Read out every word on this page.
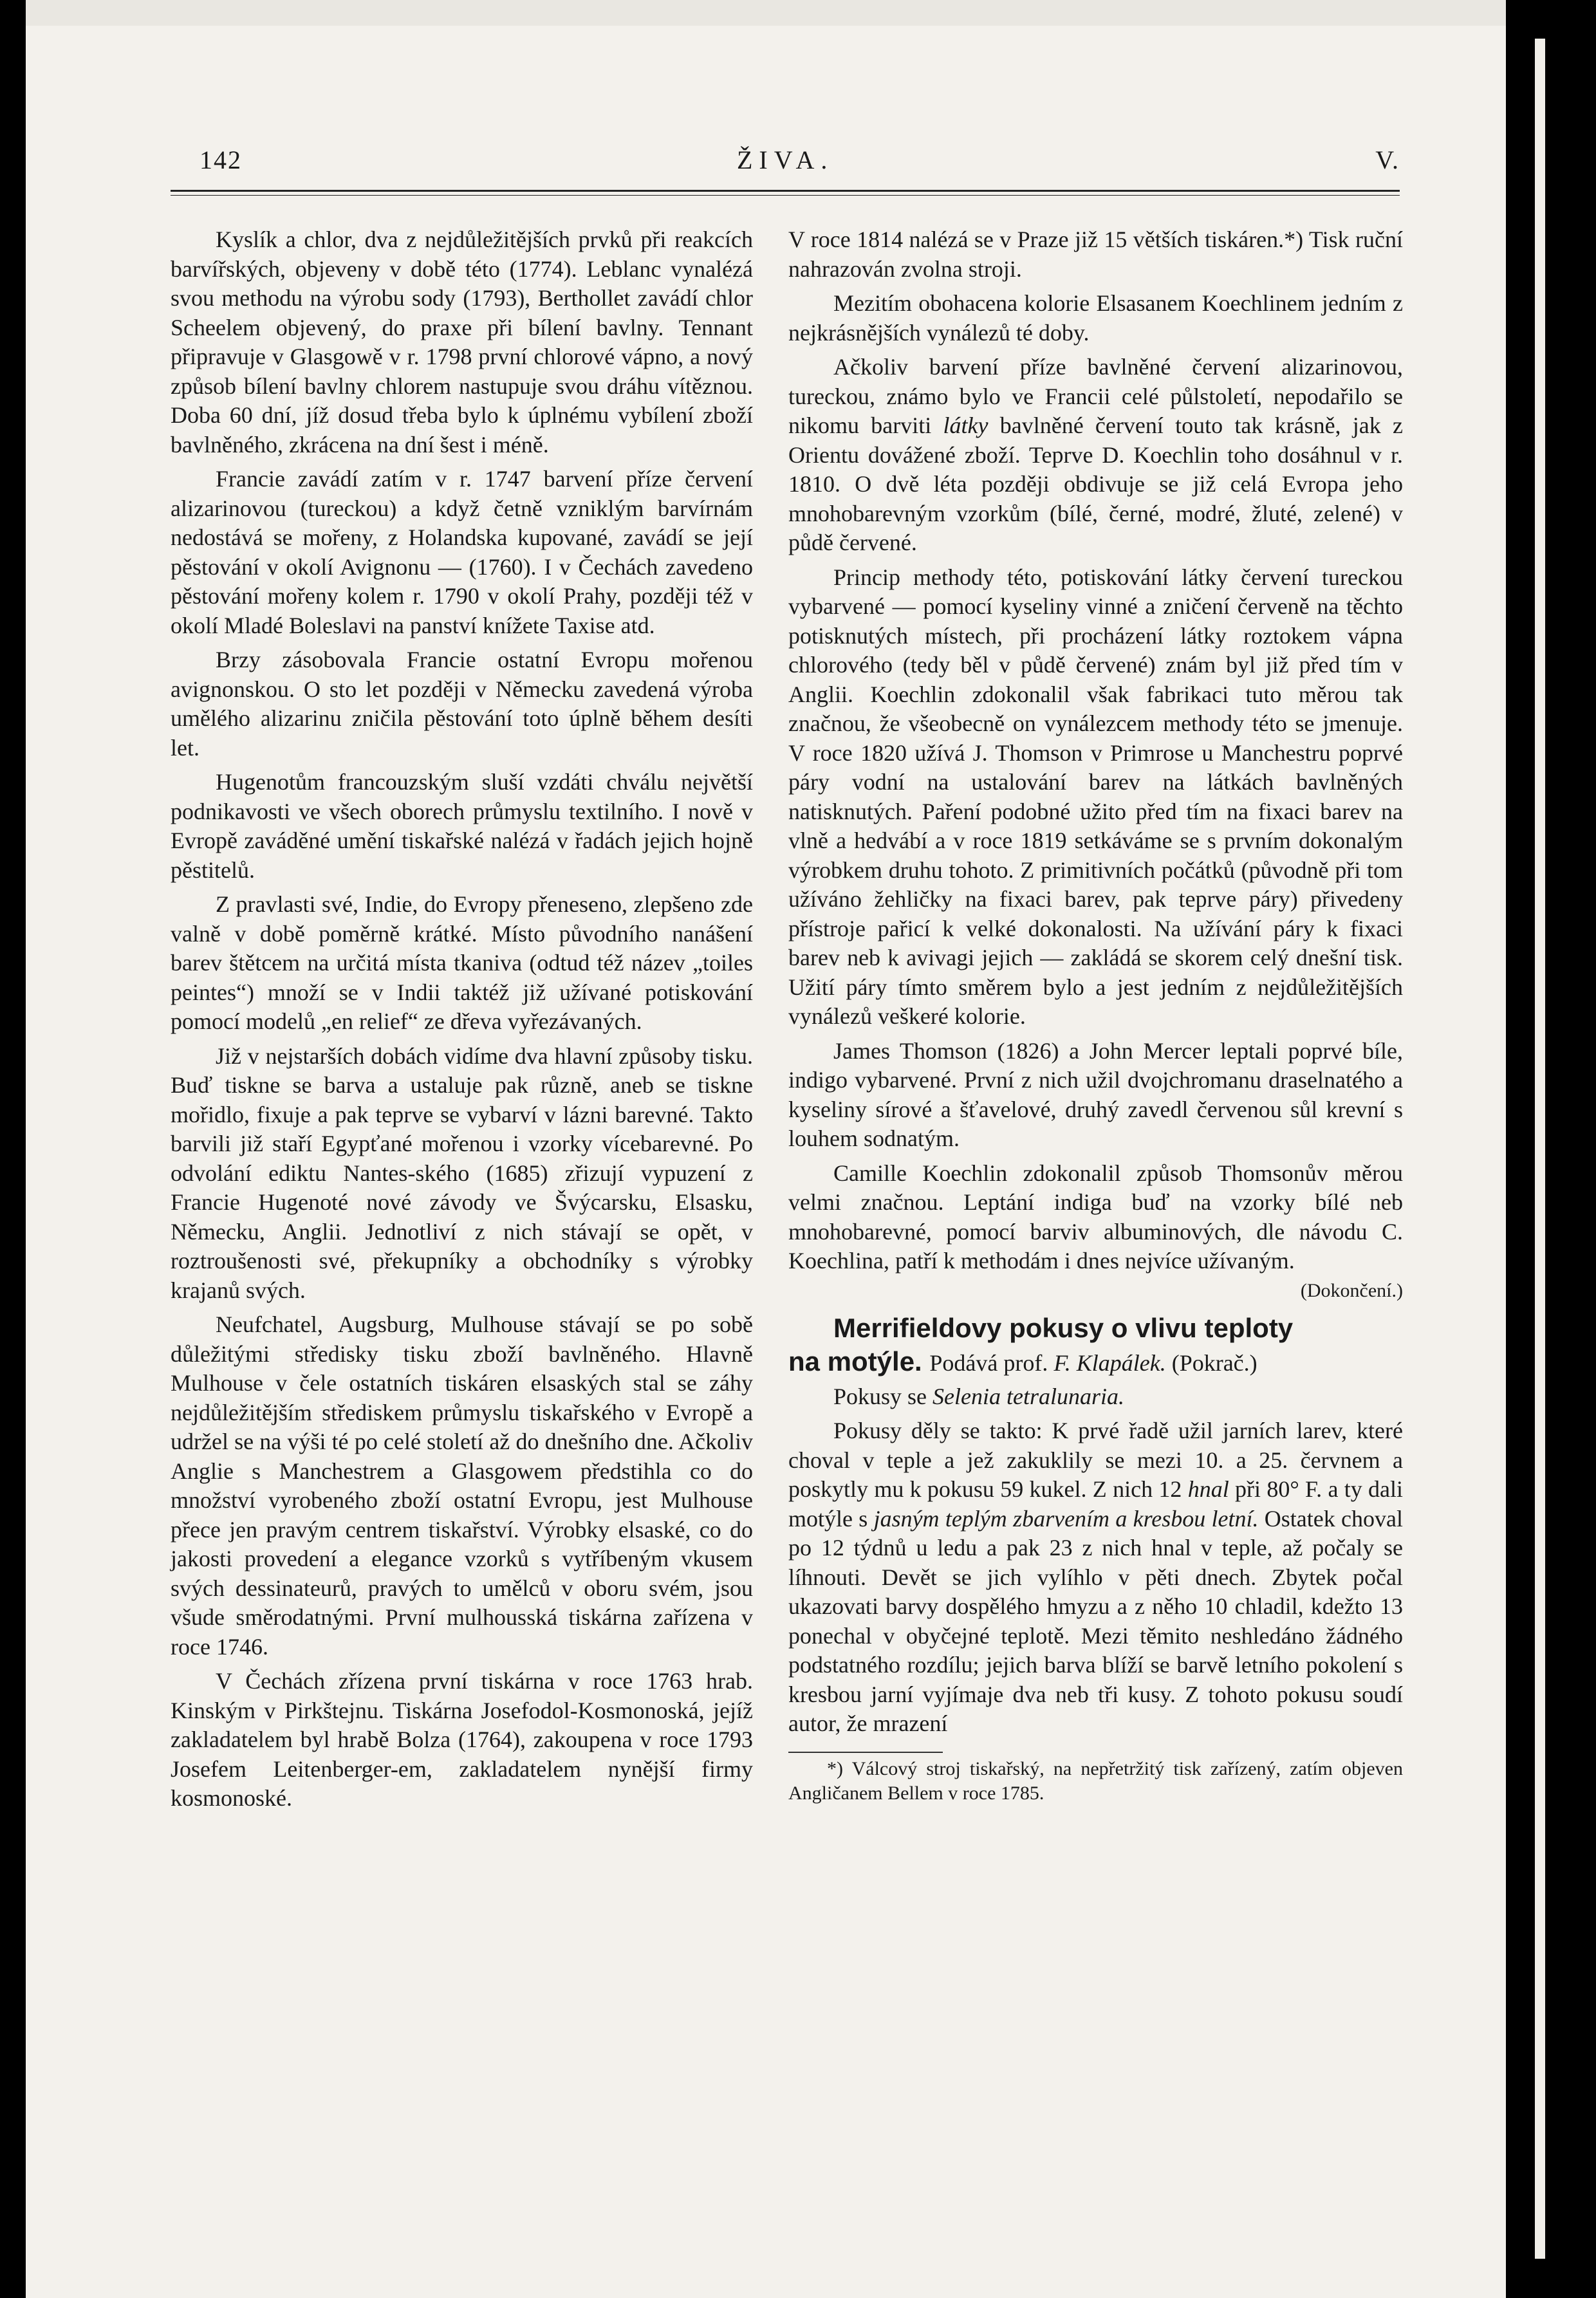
142	ŽIVA.	V.

Kyslík a chlor, dva z nejdůležitějších prvků při reakcích barvířských, objeveny v době této (1774). Leblanc vynalézá svou methodu na výrobu sody (1793), Berthollet zavádí chlor Scheelem objevený, do praxe při bílení bavlny. Tennant připravuje v Glasgowě v r. 1798 první chlorové vápno, a nový způsob bílení bavlny chlorem nastupuje svou dráhu vítěznou. Doba 60 dní, jíž dosud třeba bylo k úplnému vybílení zboží bavlněného, zkrácena na dní šest i méně.

Francie zavádí zatím v r. 1747 barvení příze červení alizarinovou (tureckou) a když četně vzniklým barvírnám nedostává se mořeny, z Holandska kupované, zavádí se její pěstování v okolí Avignonu — (1760). I v Čechách zavedeno pěstování mořeny kolem r. 1790 v okolí Prahy, později též v okolí Mladé Boleslavi na panství knížete Taxise atd.

Brzy zásobovala Francie ostatní Evropu mořenou avignonskou. O sto let později v Německu zavedená výroba umělého alizarinu zničila pěstování toto úplně během desíti let.

Hugenotům francouzským sluší vzdáti chválu největší podnikavosti ve všech oborech průmyslu textilního. I nově v Evropě zaváděné umění tiskařské nalézá v řadách jejich hojně pěstitelů.

Z pravlasti své, Indie, do Evropy přeneseno, zlepšeno zde valně v době poměrně krátké. Místo původního nanášení barev štětcem na určitá místa tkaniva (odtud též název „toiles peintes“) množí se v Indii taktéž již užívané potiskování pomocí modelů „en relief“ ze dřeva vyřezávaných.

Již v nejstarších dobách vidíme dva hlavní způsoby tisku. Buď tiskne se barva a ustaluje pak různě, aneb se tiskne mořidlo, fixuje a pak teprve se vybarví v lázni barevné. Takto barvili již staří Egypťané mořenou i vzorky vícebarevné. Po odvolání ediktu Nantes-ského (1685) zřizují vypuzení z Francie Hugenoté nové závody ve Švýcarsku, Elsasku, Německu, Anglii. Jednotliví z nich stávají se opět, v roztroušenosti své, překupníky a obchodníky s výrobky krajanů svých.

Neufchatel, Augsburg, Mulhouse stávají se po sobě důležitými středisky tisku zboží bavlněného. Hlavně Mulhouse v čele ostatních tiskáren elsaských stal se záhy nejdůležitějším střediskem průmyslu tiskařského v Evropě a udržel se na výši té po celé století až do dnešního dne. Ačkoliv Anglie s Manchestrem a Glasgowem předstihla co do množství vyrobeného zboží ostatní Evropu, jest Mulhouse přece jen pravým centrem tiskařství. Výrobky elsaské, co do jakosti provedení a elegance vzorků s vytříbeným vkusem svých dessinateurů, pravých to umělců v oboru svém, jsou všude směrodatnými. První mulhousská tiskárna zařízena v roce 1746.

V Čechách zřízena první tiskárna v roce 1763 hrab. Kinským v Pirkštejnu. Tiskárna Josefodol-Kosmonoská, jejíž zakladatelem byl hrabě Bolza (1764), zakoupena v roce 1793 Josefem Leitenberger-em, zakladatelem nynější firmy kosmonoské.

V roce 1814 nalézá se v Praze již 15 větších tiskáren.*) Tisk ruční nahrazován zvolna stroji.

Mezitím obohacena kolorie Elsasanem Koechlinem jedním z nejkrásnějších vynálezů té doby.

Ačkoliv barvení příze bavlněné červení alizarinovou, tureckou, známo bylo ve Francii celé půlstoletí, nepodařilo se nikomu barviti látky bavlněné červení touto tak krásně, jak z Orientu dovážené zboží. Teprve D. Koechlin toho dosáhnul v r. 1810. O dvě léta později obdivuje se již celá Evropa jeho mnohobarevným vzorkům (bílé, černé, modré, žluté, zelené) v půdě červené.

Princip methody této, potiskování látky červení tureckou vybarvené — pomocí kyseliny vinné a zničení červeně na těchto potisknutých místech, při procházení látky roztokem vápna chlorového (tedy běl v půdě červené) znám byl již před tím v Anglii. Koechlin zdokonalil však fabrikaci tuto měrou tak značnou, že všeobecně on vynálezcem methody této se jmenuje. V roce 1820 užívá J. Thomson v Primrose u Manchestru poprvé páry vodní na ustalování barev na látkách bavlněných natisknutých. Paření podobné užito před tím na fixaci barev na vlně a hedvábí a v roce 1819 setkáváme se s prvním dokonalým výrobkem druhu tohoto. Z primitivních počátků (původně při tom užíváno žehličky na fixaci barev, pak teprve páry) přivedeny přístroje pařicí k velké dokonalosti. Na užívání páry k fixaci barev neb k avivagi jejich — zakládá se skorem celý dnešní tisk. Užití páry tímto směrem bylo a jest jedním z nejdůležitějších vynálezů veškeré kolorie.

James Thomson (1826) a John Mercer leptali poprvé bíle, indigo vybarvené. První z nich užil dvojchromanu draselnatého a kyseliny sírové a šťavelové, druhý zavedl červenou sůl krevní s louhem sodnatým.

Camille Koechlin zdokonalil způsob Thomsonův měrou velmi značnou. Leptání indiga buď na vzorky bílé neb mnohobarevné, pomocí barviv albuminových, dle návodu C. Koechlina, patří k methodám i dnes nejvíce užívaným.
(Dokončení.)

Merrifieldovy pokusy o vlivu teploty
na motýle. Podává prof. F. Klapálek. (Pokrač.)

Pokusy se Selenia tetralunaria.

Pokusy děly se takto: K prvé řadě užil jarních larev, které choval v teple a jež zakuklily se mezi 10. a 25. červnem a poskytly mu k pokusu 59 kukel. Z nich 12 hnal při 80° F. a ty dali motýle s jasným teplým zbarvením a kresbou letní. Ostatek choval po 12 týdnů u ledu a pak 23 z nich hnal v teple, až počaly se líhnouti. Devět se jich vylíhlo v pěti dnech. Zbytek počal ukazovati barvy dospělého hmyzu a z něho 10 chladil, kdežto 13 ponechal v obyčejné teplotě. Mezi těmito neshledáno žádného podstatného rozdílu; jejich barva blíží se barvě letního pokolení s kresbou jarní vyjímaje dva neb tři kusy. Z tohoto pokusu soudí autor, že mrazení

*) Válcový stroj tiskařský, na nepřetržitý tisk zařízený, zatím objeven Angličanem Bellem v roce 1785.
